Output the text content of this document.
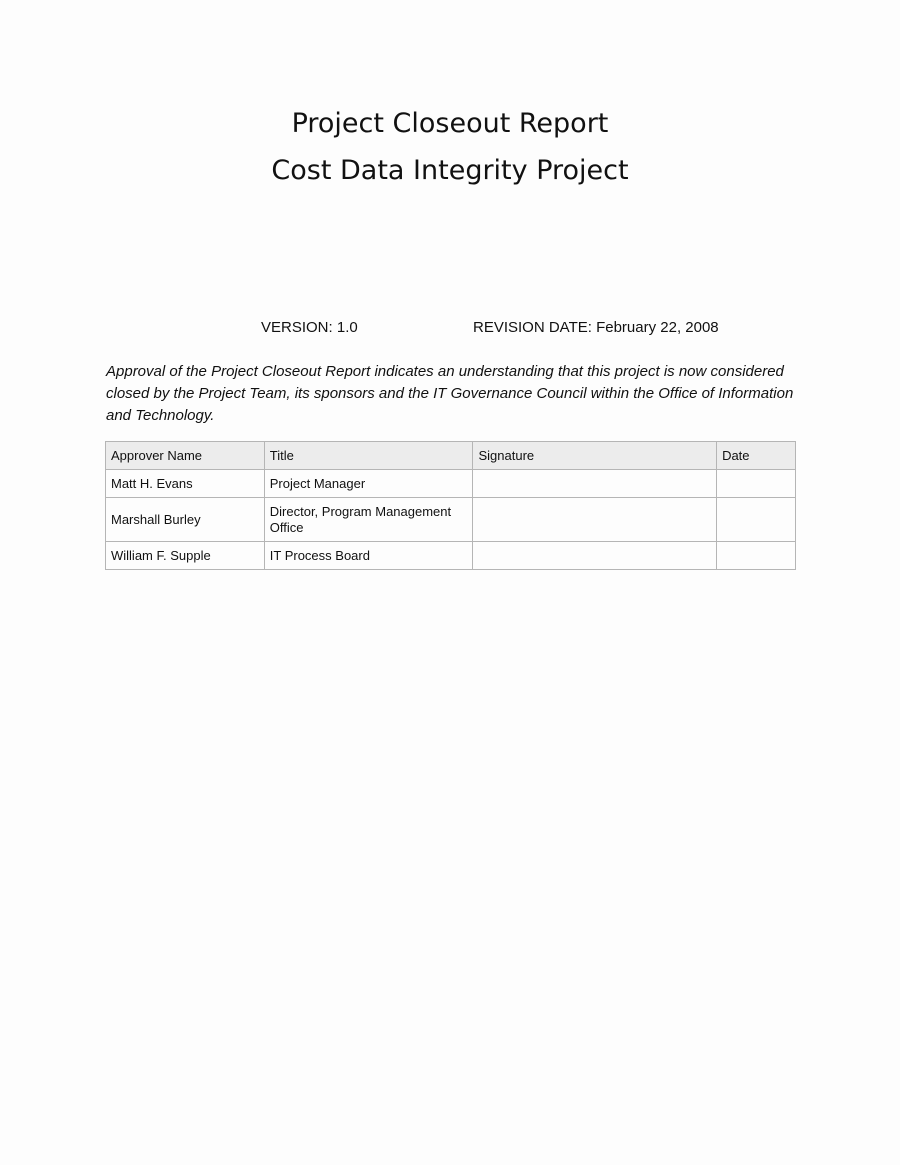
Project Closeout Report
Cost Data Integrity Project
VERSION: 1.0	REVISION DATE: February 22, 2008

Approval of the Project Closeout Report indicates an understanding that this project is now considered closed by the Project Team, its sponsors and the IT Governance Council within the Office of Information and Technology.

Approver Name	Title	Signature	Date
Matt H. Evans	Project Manager		
Marshall Burley	Director, Program Management Office		
William F. Supple	IT Process Board		
